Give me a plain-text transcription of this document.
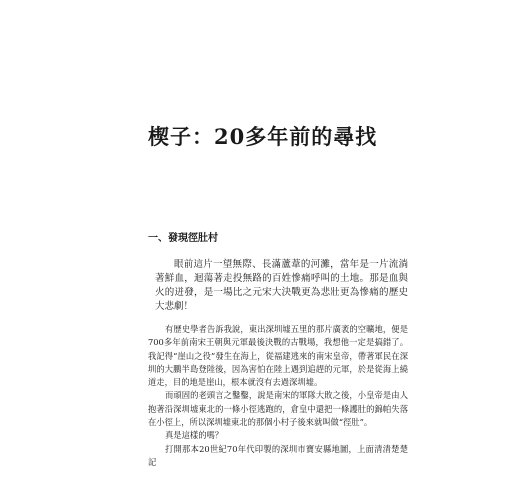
楔子：20多年前的尋找
一、發現徑肚村

眼前這片一望無際、長滿蘆葦的河灘，當年是一片流淌著鮮血，迴蕩著走投無路的百姓慘痛呼叫的土地。那是血與火的迸發，是一場比之元宋大決戰更為悲壯更為慘痛的歷史大悲劇！

有歷史學者告訴我說，東出深圳墟五里的那片廣袤的空曠地，便是700多年前南宋王朝與元軍最後決戰的古戰場，我想他一定是搞錯了。我記得“崖山之役”發生在海上，從福建逃來的南宋皇帝，帶著軍民在深圳的大鵬半島登陸後，因為害怕在陸上遇到追趕的元軍，於是從海上繞道走，目的地是崖山，根本就沒有去過深圳墟。

而頑固的老頭言之鑿鑿，說是南宋的軍隊大敗之後，小皇帝是由人抱著沿深圳墟東北的一條小徑逃跑的，倉皇中還把一條護肚的錦帕失落在小徑上，所以深圳墟東北的那個小村子後來就叫做“徑肚”。

真是這樣的嗎？

打開那本20世紀70年代印製的深圳市寶安縣地圖，上面清清楚楚記
